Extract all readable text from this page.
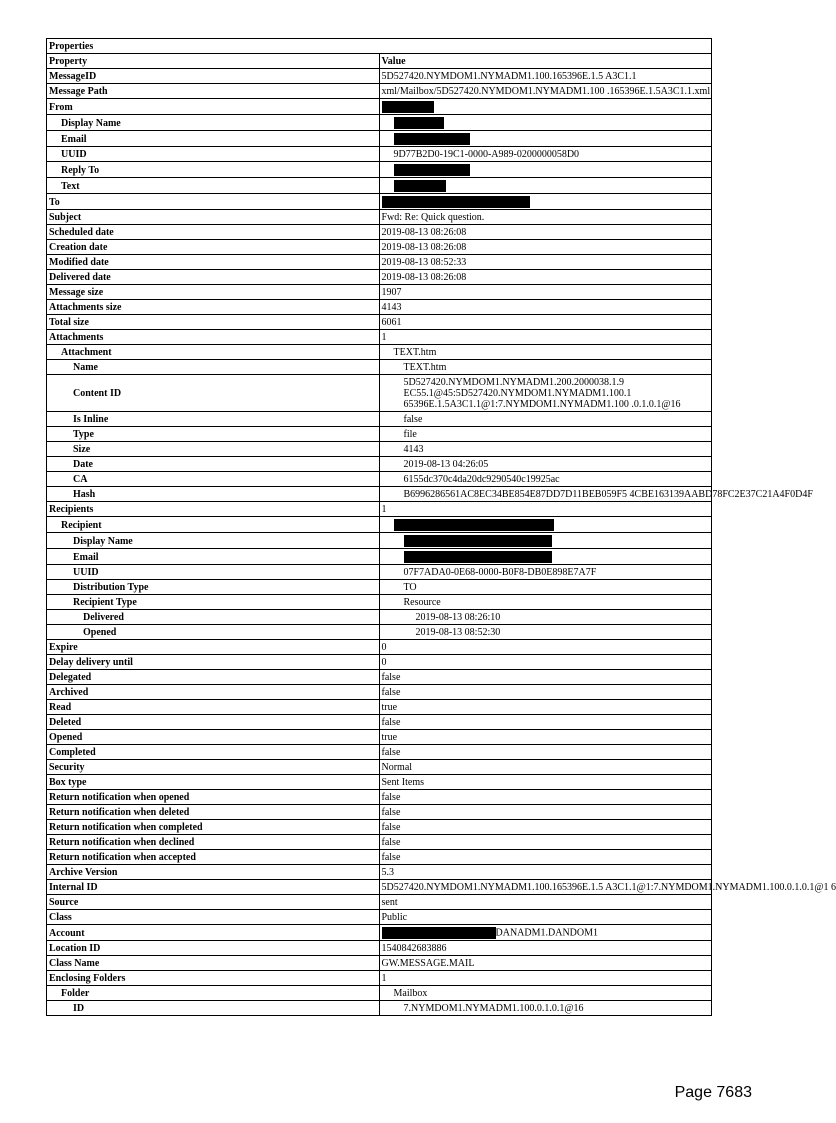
Properties	
Property	Value
MessageID	5D527420.NYMDOM1.NYMADM1.100.165396E.1.5 A3C1.1
Message Path	xml/Mailbox/5D527420.NYMDOM1.NYMADM1.100 .165396E.1.5A3C1.1.xml
From	
Display Name	
Email	
UUID	9D77B2D0-19C1-0000-A989-0200000058D0
Reply To	
Text	
To	
Subject	Fwd: Re: Quick question.
Scheduled date	2019-08-13 08:26:08
Creation date	2019-08-13 08:26:08
Modified date	2019-08-13 08:52:33
Delivered date	2019-08-13 08:26:08
Message size	1907
Attachments size	4143
Total size	6061
Attachments	1
Attachment	TEXT.htm
Name	TEXT.htm
Content ID	5D527420.NYMDOM1.NYMADM1.200.2000038.1.9
EC55.1@45:5D527420.NYMDOM1.NYMADM1.100.1
65396E.1.5A3C1.1@1:7.NYMDOM1.NYMADM1.100 .0.1.0.1@16

Is Inline	false
Type	file
Size	4143
Date	2019-08-13 04:26:05
CA	6155dc370c4da20dc9290540c19925ac
Hash	B6996286561AC8EC34BE854E87DD7D11BEB059F5 4CBE163139AABD78FC2E37C21A4F0D4F
Recipients	1
Recipient	
Display Name	
Email	
UUID	07F7ADA0-0E68-0000-B0F8-DB0E898E7A7F
Distribution Type	TO
Recipient Type	Resource
Delivered	2019-08-13 08:26:10
Opened	2019-08-13 08:52:30
Expire	0
Delay delivery until	0
Delegated	false
Archived	false
Read	true
Deleted	false
Opened	true
Completed	false
Security	Normal
Box type	Sent Items
Return notification when opened	false
Return notification when deleted	false
Return notification when completed	false
Return notification when declined	false
Return notification when accepted	false
Archive Version	5.3
Internal ID	5D527420.NYMDOM1.NYMADM1.100.165396E.1.5 A3C1.1@1:7.NYMDOM1.NYMADM1.100.0.1.0.1@1 6
Source	sent
Class	Public
Account	DANADM1.DANDOM1
Location ID	1540842683886
Class Name	GW.MESSAGE.MAIL
Enclosing Folders	1
Folder	Mailbox
ID	7.NYMDOM1.NYMADM1.100.0.1.0.1@16
Page 7683
